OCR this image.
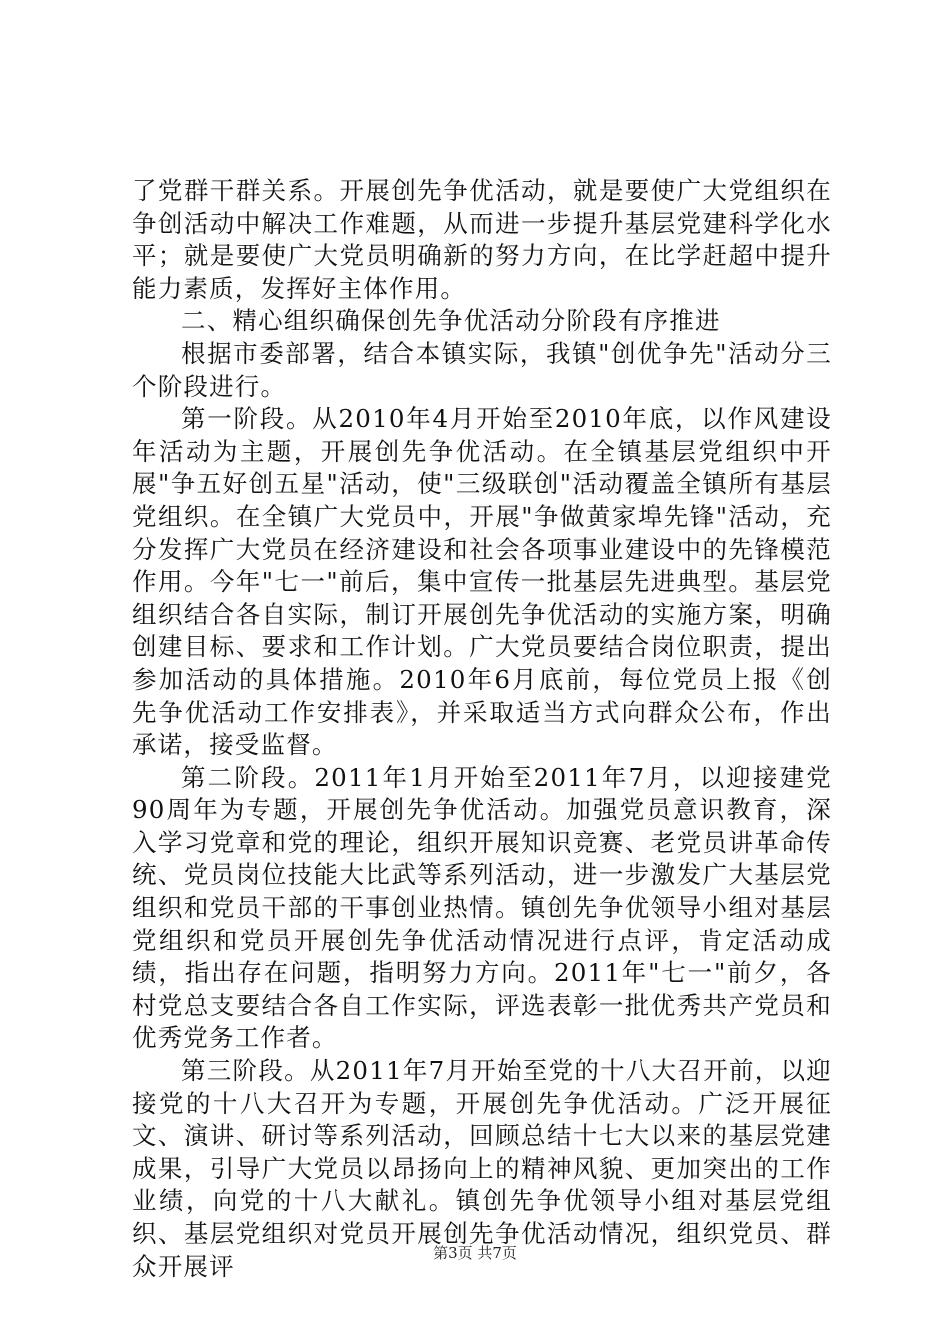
了党群干群关系。开展创先争优活动，就是要使广大党组织在争创活动中解决工作难题，从而进一步提升基层党建科学化水平；就是要使广大党员明确新的努力方向，在比学赶超中提升能力素质，发挥好主体作用。

二、精心组织确保创先争优活动分阶段有序推进

根据市委部署，结合本镇实际，我镇"创优争先"活动分三个阶段进行。

第一阶段。从2010年4月开始至2010年底，以作风建设年活动为主题，开展创先争优活动。在全镇基层党组织中开展"争五好创五星"活动，使"三级联创"活动覆盖全镇所有基层党组织。在全镇广大党员中，开展"争做黄家埠先锋"活动，充分发挥广大党员在经济建设和社会各项事业建设中的先锋模范作用。今年"七一"前后，集中宣传一批基层先进典型。基层党组织结合各自实际，制订开展创先争优活动的实施方案，明确创建目标、要求和工作计划。广大党员要结合岗位职责，提出参加活动的具体措施。2010年6月底前，每位党员上报《创先争优活动工作安排表》，并采取适当方式向群众公布，作出承诺，接受监督。

第二阶段。2011年1月开始至2011年7月，以迎接建党90周年为专题，开展创先争优活动。加强党员意识教育，深入学习党章和党的理论，组织开展知识竞赛、老党员讲革命传统、党员岗位技能大比武等系列活动，进一步激发广大基层党组织和党员干部的干事创业热情。镇创先争优领导小组对基层党组织和党员开展创先争优活动情况进行点评，肯定活动成绩，指出存在问题，指明努力方向。2011年"七一"前夕，各村党总支要结合各自工作实际，评选表彰一批优秀共产党员和优秀党务工作者。

第三阶段。从2011年7月开始至党的十八大召开前，以迎接党的十八大召开为专题，开展创先争优活动。广泛开展征文、演讲、研讨等系列活动，回顾总结十七大以来的基层党建成果，引导广大党员以昂扬向上的精神风貌、更加突出的工作业绩，向党的十八大献礼。镇创先争优领导小组对基层党组织、基层党组织对党员开展创先争优活动情况，组织党员、群众开展评	第3页 共7页
